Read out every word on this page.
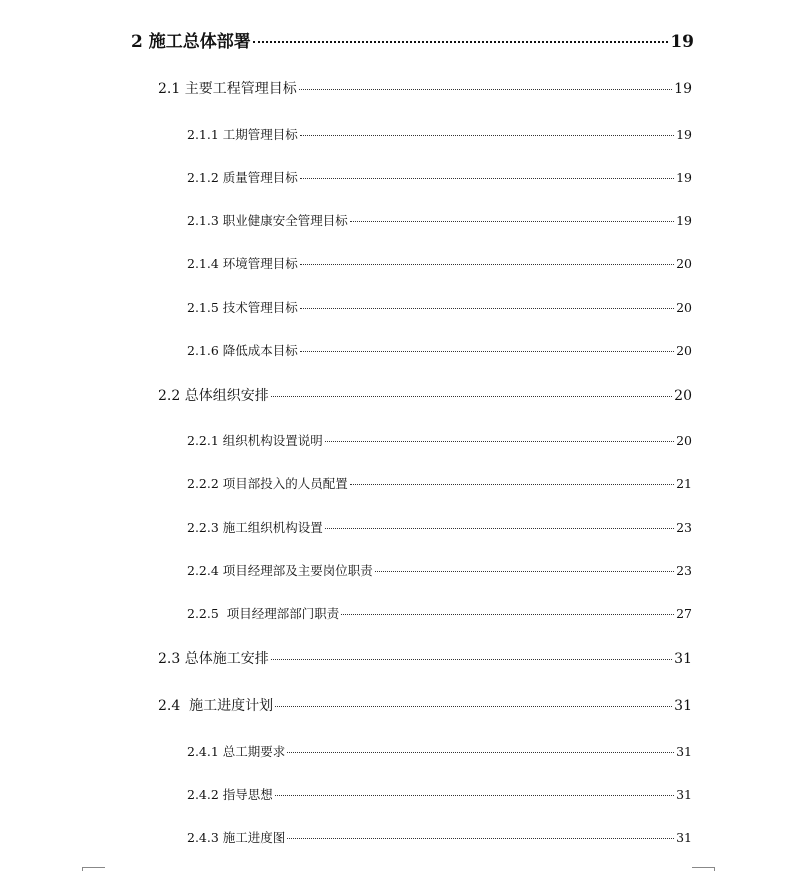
2 施工总体部署	19
2.1 主要工程管理目标	19
2.1.1 工期管理目标	19
2.1.2 质量管理目标	19
2.1.3 职业健康安全管理目标	19
2.1.4 环境管理目标	20
2.1.5 技术管理目标	20
2.1.6 降低成本目标	20
2.2 总体组织安排	20
2.2.1 组织机构设置说明	20
2.2.2 项目部投入的人员配置	21
2.2.3 施工组织机构设置	23
2.2.4 项目经理部及主要岗位职责	23
2.2.5  项目经理部部门职责	27
2.3 总体施工安排	31
2.4  施工进度计划	31
2.4.1 总工期要求	31
2.4.2 指导思想	31
2.4.3 施工进度图	31
